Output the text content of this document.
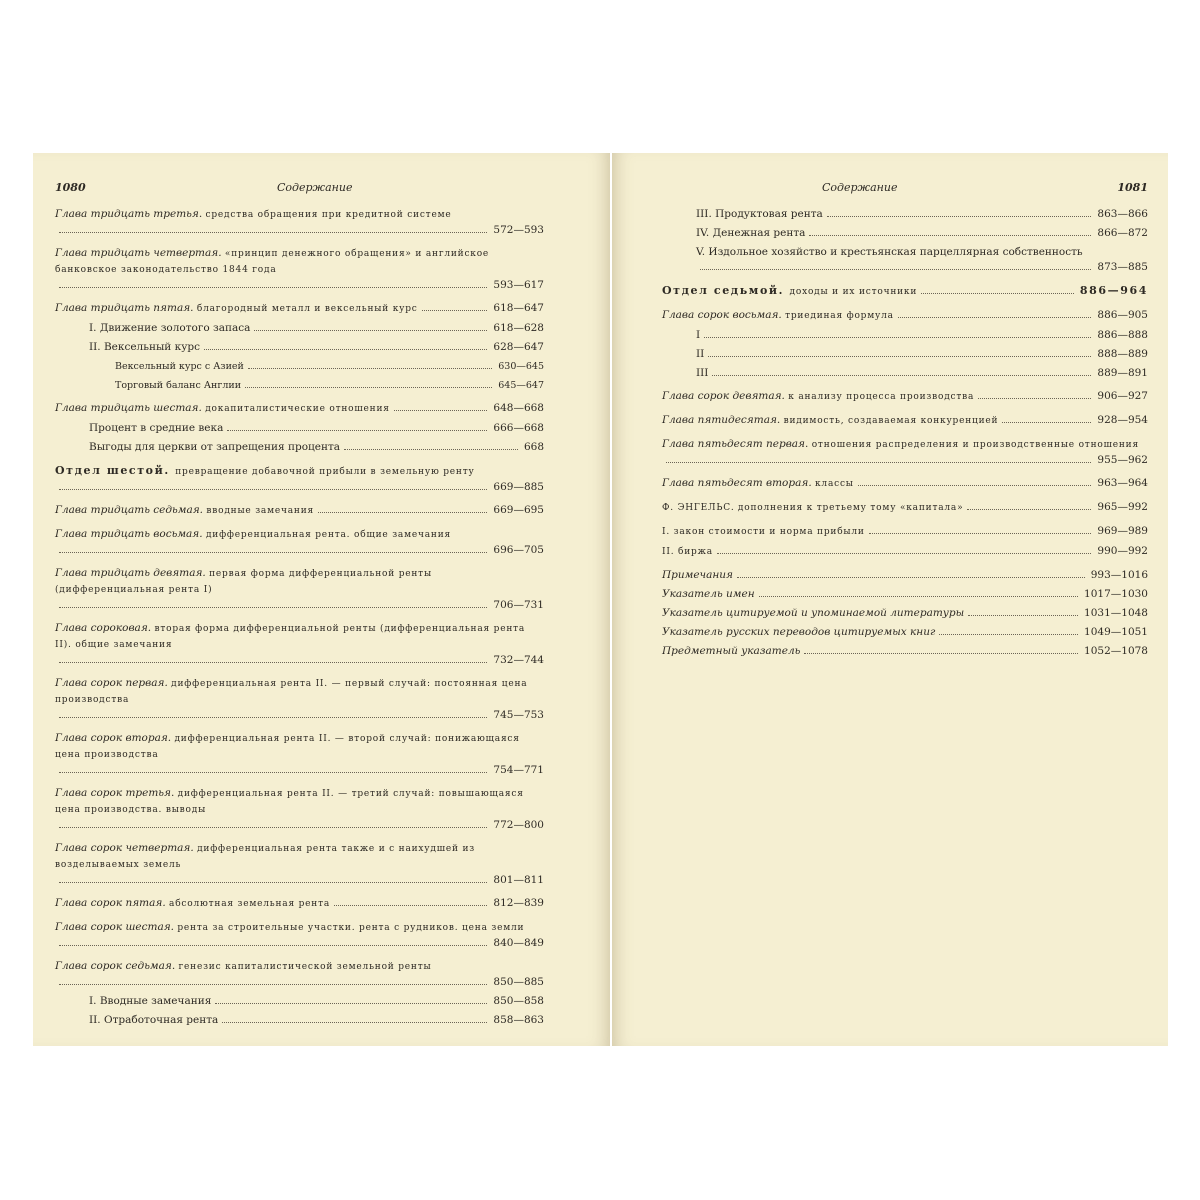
1080	Содержание
Глава тридцать третья. средства обращения при кредитной системе
572—593
Глава тридцать четвертая. «принцип денежного обращения» и английское банковское законодательство 1844 года
593—617
Глава тридцать пятая. благородный металл и вексельный курс	618—647
I. Движение золотого запаса	618—628
II. Вексельный курс	628—647
Вексельный курс с Азией	630—645
Торговый баланс Англии	645—647
Глава тридцать шестая. докапиталистические отношения	648—668
Процент в средние века	666—668
Выгоды для церкви от запрещения процента	668
Отдел шестой. превращение добавочной прибыли в земельную ренту
669—885
Глава тридцать седьмая. вводные замечания	669—695
Глава тридцать восьмая. дифференциальная рента. общие замечания
696—705
Глава тридцать девятая. первая форма дифференциальной ренты (дифференциальная рента I)
706—731
Глава сороковая. вторая форма дифференциальной ренты (дифференциальная рента II). общие замечания
732—744
Глава сорок первая. дифференциальная рента II. — первый случай: постоянная цена производства
745—753
Глава сорок вторая. дифференциальная рента II. — второй случай: понижающаяся цена производства
754—771
Глава сорок третья. дифференциальная рента II. — третий случай: повышающаяся цена производства. выводы
772—800
Глава сорок четвертая. дифференциальная рента также и с наихудшей из возделываемых земель
801—811
Глава сорок пятая. абсолютная земельная рента	812—839
Глава сорок шестая. рента за строительные участки. рента с рудников. цена земли
840—849
Глава сорок седьмая. генезис капиталистической земельной ренты
850—885
I. Вводные замечания	850—858
II. Отработочная рента	858—863
Содержание	1081
III. Продуктовая рента	863—866
IV. Денежная рента	866—872
V. Издольное хозяйство и крестьянская парцеллярная собственность
873—885
Отдел седьмой. доходы и их источники	886—964
Глава сорок восьмая. триединая формула	886—905
I	886—888
II	888—889
III	889—891
Глава сорок девятая. к анализу процесса производства	906—927
Глава пятидесятая. видимость, создаваемая конкуренцией	928—954
Глава пятьдесят первая. отношения распределения и производственные отношения
955—962
Глава пятьдесят вторая. классы	963—964
Ф. ЭНГЕЛЬС. дополнения к третьему тому «капитала»	965—992
I. закон стоимости и норма прибыли	969—989
II. биржа	990—992
Примечания	993—1016
Указатель имен	1017—1030
Указатель цитируемой и упоминаемой литературы	1031—1048
Указатель русских переводов цитируемых книг	1049—1051
Предметный указатель	1052—1078
